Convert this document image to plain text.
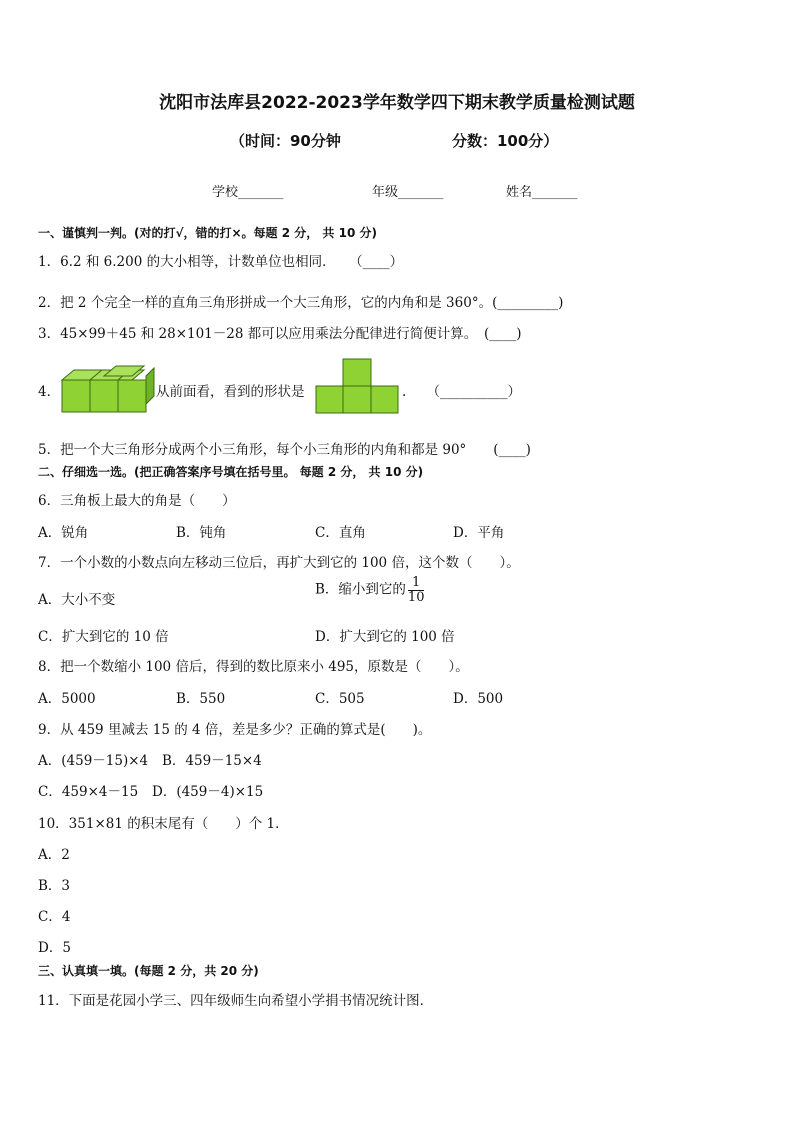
沈阳市法库县2022-2023学年数学四下期末教学质量检测试题
（时间：90分钟	分数：100分）
学校_______	年级_______	姓名_______
一、谨慎判一判。(对的打√，错的打×。每题 2 分， 共 10 分)
1．6.2 和 6.200 的大小相等，计数单位也相同．　　（____）
2．把 2 个完全一样的直角三角形拼成一个大三角形，它的内角和是 360°。(_________)
3．45×99＋45 和 28×101－28 都可以应用乘法分配律进行简便计算。　(____)
4．	从前面看，看到的形状是	.　　（__________）
5．把一个大三角形分成两个小三角形，每个小三角形的内角和都是 90°　　(____)
二、仔细选一选。(把正确答案序号填在括号里。 每题 2 分， 共 10 分)
6．三角板上最大的角是（　　）
A．锐角	B．钝角	C．直角	D．平角
7．一个小数的小数点向左移动三位后，再扩大到它的 100 倍，这个数（　　）。
A．大小不变
B．缩小到它的 $\frac{1}{10}$
C．扩大到它的 10 倍	D．扩大到它的 100 倍
8．把一个数缩小 100 倍后，得到的数比原来小 495，原数是（　　）。
A．5000	B．550	C．505	D．500
9．从 459 里减去 15 的 4 倍，差是多少？正确的算式是(　　)。
A．(459－15)×4 B．459－15×4
C．459×4－15 D．(459－4)×15
10．351×81 的积末尾有（　　）个 1．
A．2
B．3
C．4
D．5
三、认真填一填。(每题 2 分，共 20 分)
11．下面是花园小学三、四年级师生向希望小学捐书情况统计图．
